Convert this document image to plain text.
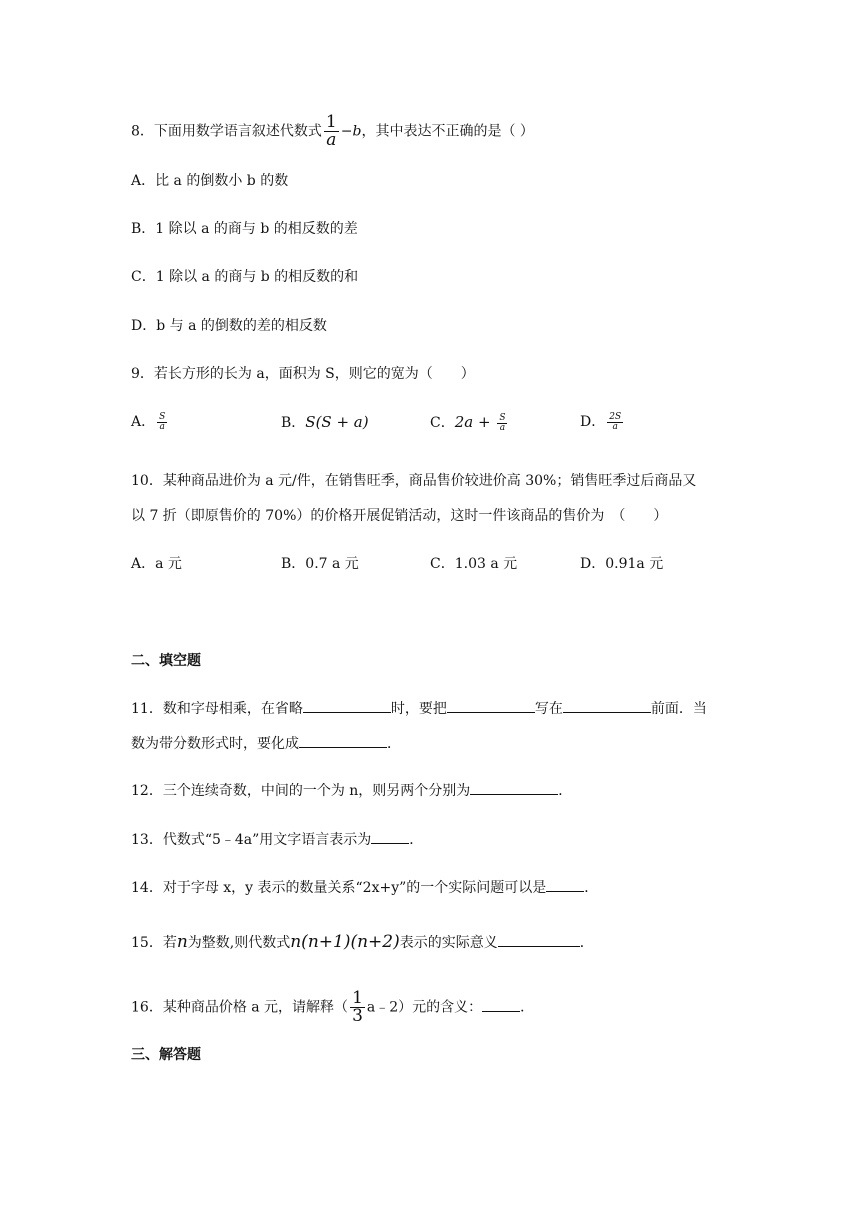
8．下面用数学语言叙述代数式 $\frac{1}{a} -b$，其中表达不正确的是（ ）
A．比 a 的倒数小 b 的数
B．1 除以 a 的商与 b 的相反数的差
C．1 除以 a 的商与 b 的相反数的和
D．b 与 a 的倒数的差的相反数
9．若长方形的长为 a，面积为 S，则它的宽为（　　）
A． $\frac{S}{a}$	B．S(S + a)	C．$2a + \frac{S}{a}$	D． $\frac{2S}{a}$
10．某种商品进价为 a 元/件，在销售旺季，商品售价较进价高 30%；销售旺季过后商品又
以 7 折（即原售价的 70%）的价格开展促销活动，这时一件该商品的售价为　（　　）
A．a 元	B．0.7 a 元	C．1.03 a 元	D．0.91a 元
二、填空题
11．数和字母相乘，在省略	时，要把	写在	前面．当
数为带分数形式时，要化成	．
12．三个连续奇数，中间的一个为 n，则另两个分别为	．
13．代数式“5﹣4a”用文字语言表示为	．
14．对于字母 x，y 表示的数量关系“2x+y”的一个实际问题可以是	．
15．若n为整数,则代数式n(n+1)(n+2)表示的实际意义	．
16．某种商品价格 a 元，请解释（ $\frac{1}{3}$ a﹣2）元的含义：	．
三、解答题
